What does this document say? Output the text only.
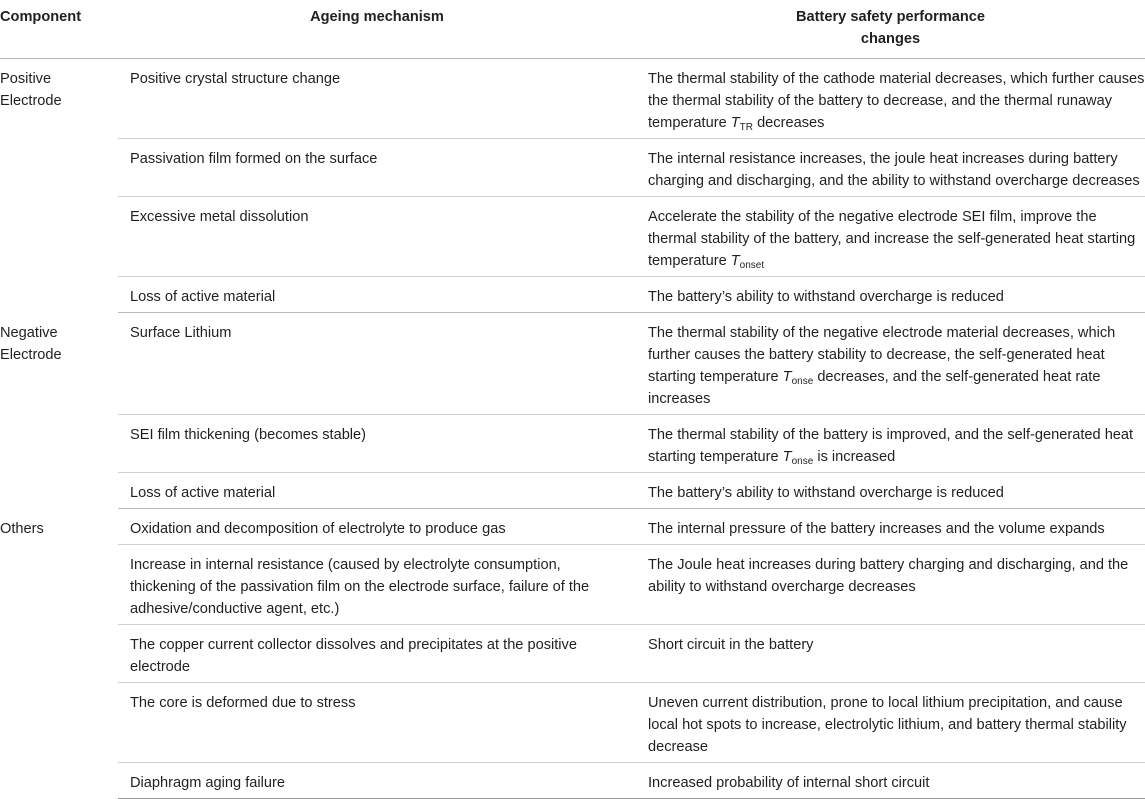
Component	Ageing mechanism	Battery safety performance
changes
Positive
Electrode	Positive crystal structure change	The thermal stability of the cathode material decreases, which further causes the thermal stability of the battery to decrease, and the thermal runaway temperature $T_{TR}$ decreases
	Passivation film formed on the surface	The internal resistance increases, the joule heat increases during battery charging and discharging, and the ability to withstand overcharge decreases
	Excessive metal dissolution	Accelerate the stability of the negative electrode SEI film, improve the thermal stability of the battery, and increase the self-generated heat starting temperature $T_{onset}$
	Loss of active material	The battery’s ability to withstand overcharge is reduced
Negative
Electrode	Surface Lithium	The thermal stability of the negative electrode material decreases, which further causes the battery stability to decrease, the self-generated heat starting temperature $T_{onse}$ decreases, and the self-generated heat rate increases
	SEI film thickening (becomes stable)	The thermal stability of the battery is improved, and the self-generated heat starting temperature $T_{onse}$ is increased
	Loss of active material	The battery’s ability to withstand overcharge is reduced
Others	Oxidation and decomposition of electrolyte to produce gas	The internal pressure of the battery increases and the volume expands
	Increase in internal resistance (caused by electrolyte consumption, thickening of the passivation film on the electrode surface, failure of the adhesive/conductive agent, etc.)	The Joule heat increases during battery charging and discharging, and the ability to withstand overcharge decreases
	The copper current collector dissolves and precipitates at the positive electrode	Short circuit in the battery
	The core is deformed due to stress	Uneven current distribution, prone to local lithium precipitation, and cause local hot spots to increase, electrolytic lithium, and battery thermal stability decrease
	Diaphragm aging failure	Increased probability of internal short circuit
